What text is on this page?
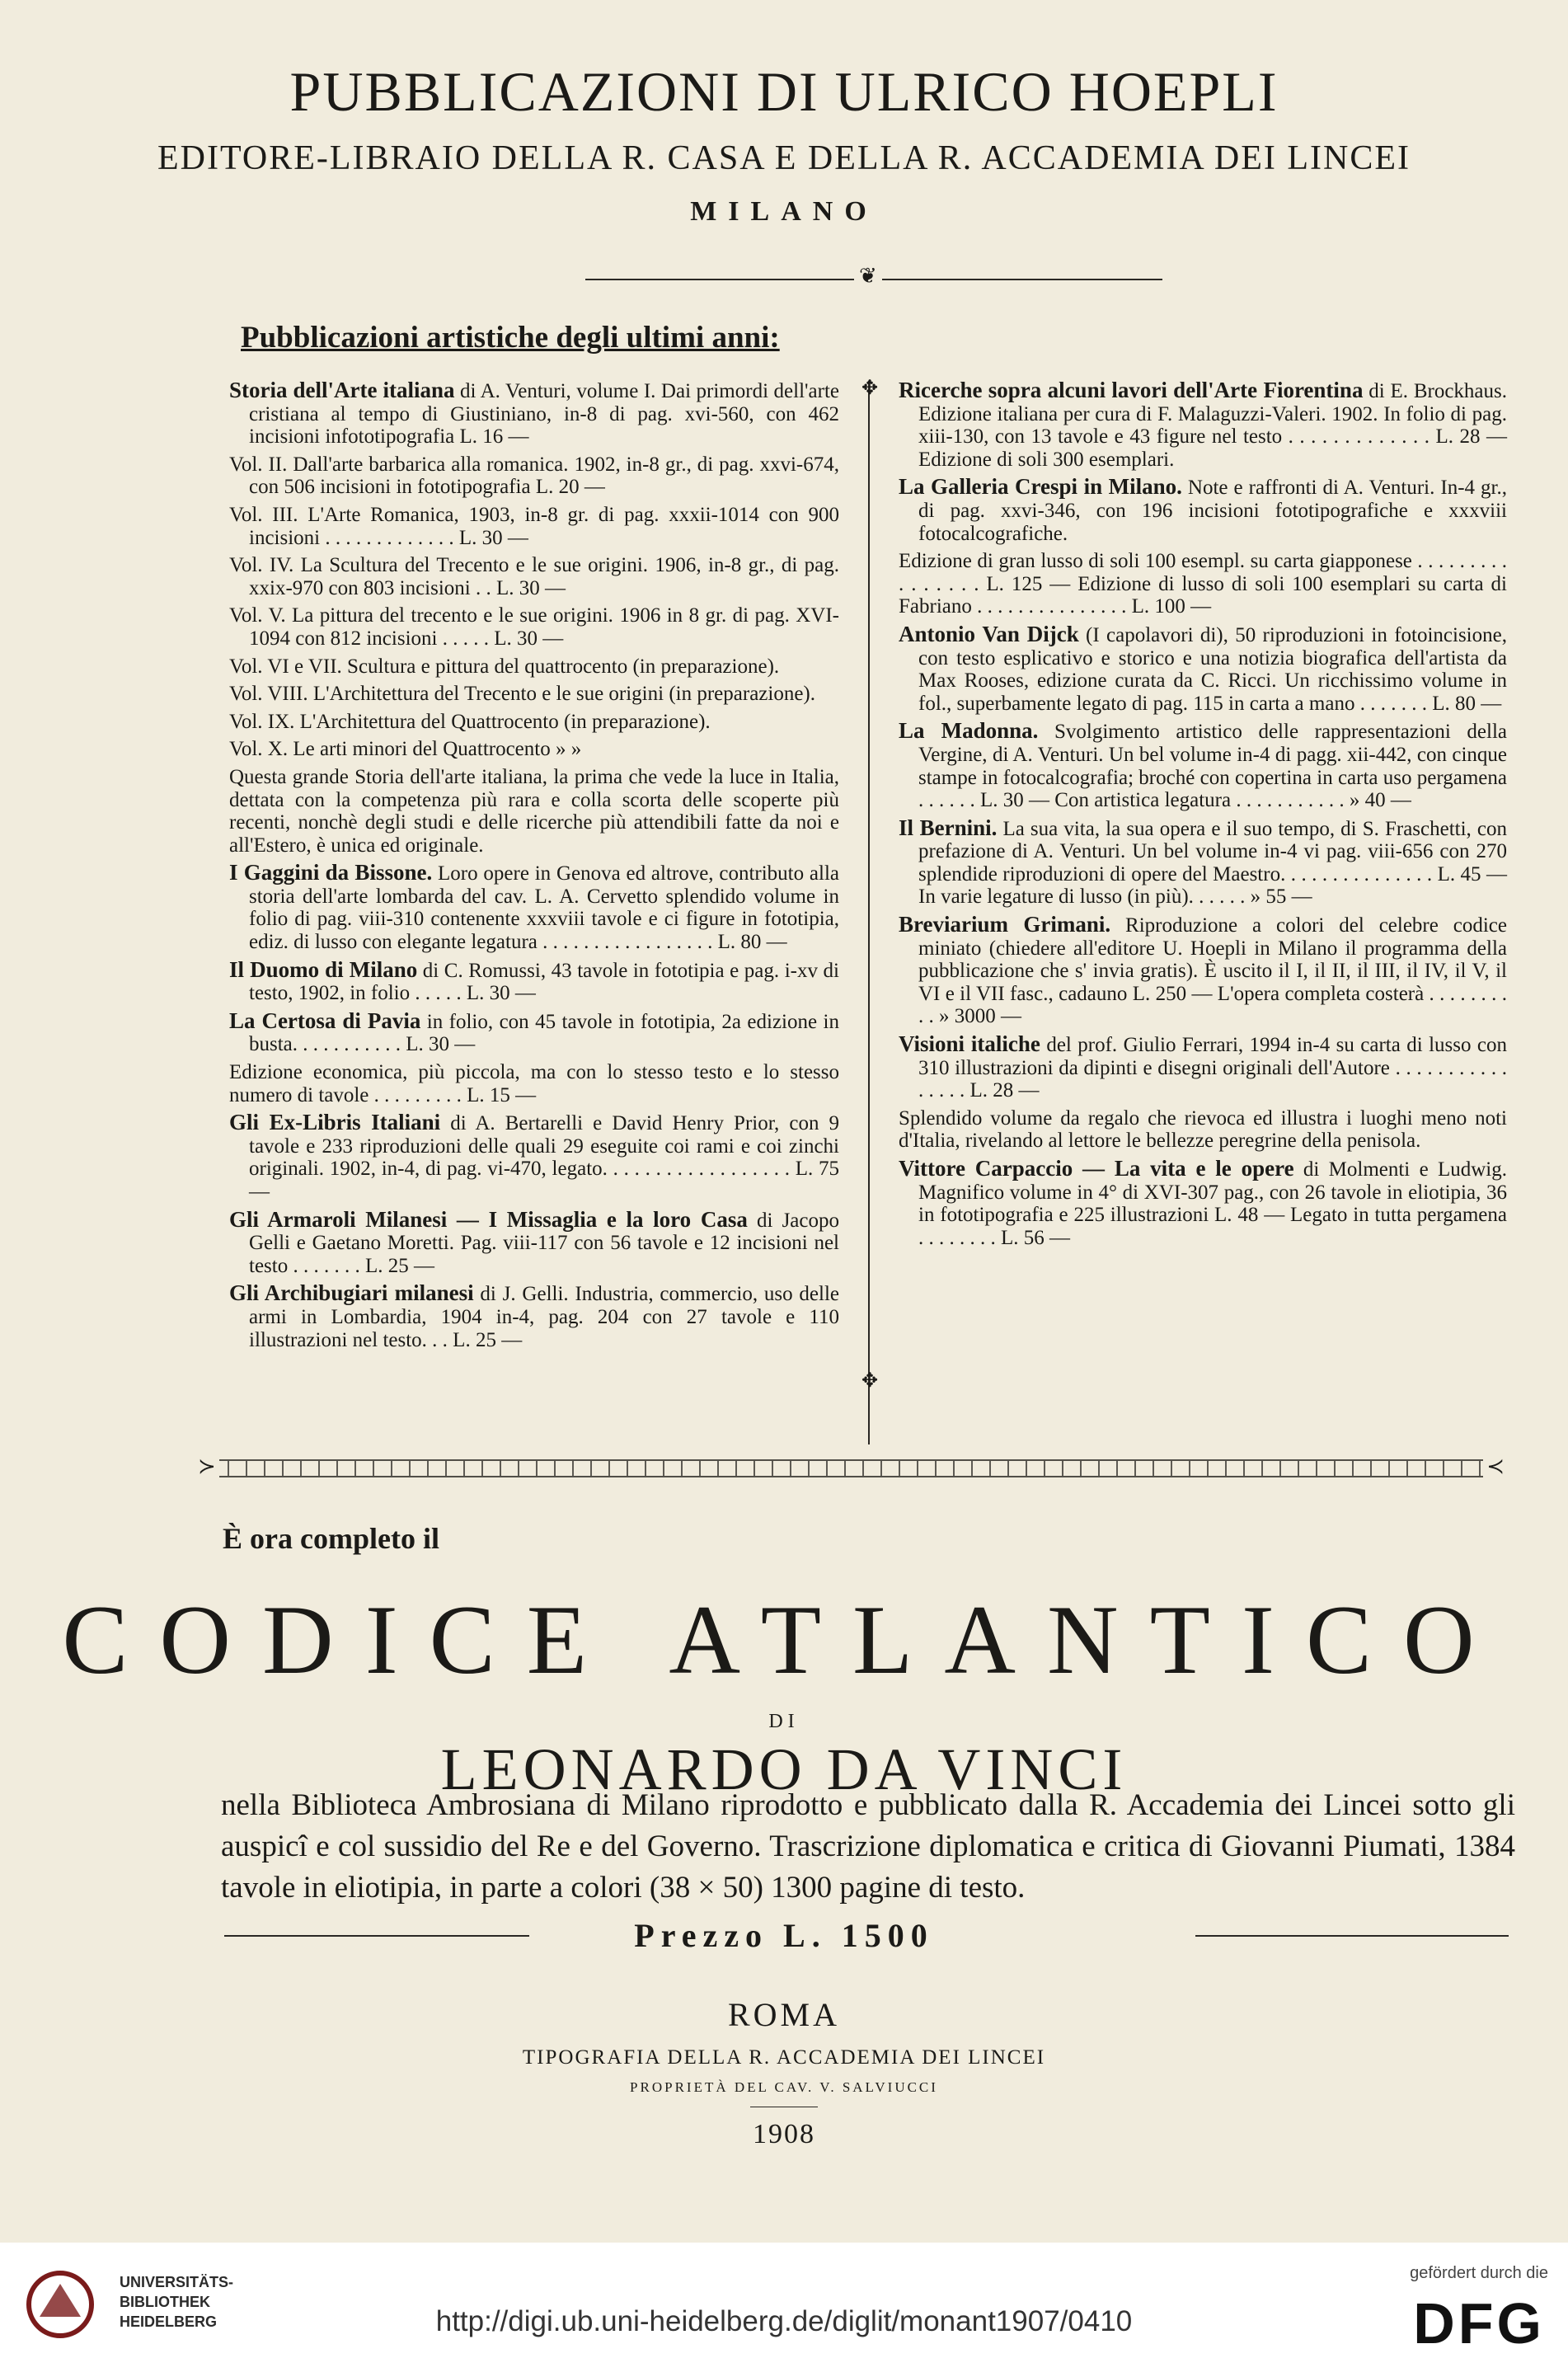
PUBBLICAZIONI DI ULRICO HOEPLI
EDITORE-LIBRAIO DELLA R. CASA E DELLA R. ACCADEMIA DEI LINCEI
MILANO
❦
Pubblicazioni artistiche degli ultimi anni:
Storia dell'Arte italiana di A. Venturi, volume I. Dai primordi dell'arte cristiana al tempo di Giustiniano, in-8 di pag. xvi-560, con 462 incisioni infototipografia L. 16 —
Vol. II. Dall'arte barbarica alla romanica. 1902, in-8 gr., di pag. xxvi-674, con 506 incisioni in fototipografia L. 20 —
Vol. III. L'Arte Romanica, 1903, in-8 gr. di pag. xxxii-1014 con 900 incisioni . . . . . . . . . . . . . L. 30 —
Vol. IV. La Scultura del Trecento e le sue origini. 1906, in-8 gr., di pag. xxix-970 con 803 incisioni . . L. 30 —
Vol. V. La pittura del trecento e le sue origini. 1906 in 8 gr. di pag. XVI-1094 con 812 incisioni . . . . . L. 30 —
Vol. VI e VII. Scultura e pittura del quattrocento (in preparazione).
Vol. VIII. L'Architettura del Trecento e le sue origini (in preparazione).
Vol. IX. L'Architettura del Quattrocento (in preparazione).
Vol. X. Le arti minori del Quattrocento » »
Questa grande Storia dell'arte italiana, la prima che vede la luce in Italia, dettata con la competenza più rara e colla scorta delle scoperte più recenti, nonchè degli studi e delle ricerche più attendibili fatte da noi e all'Estero, è unica ed originale.
I Gaggini da Bissone. Loro opere in Genova ed altrove, contributo alla storia dell'arte lombarda del cav. L. A. Cervetto splendido volume in folio di pag. viii-310 contenente xxxviii tavole e ci figure in fototipia, ediz. di lusso con elegante legatura . . . . . . . . . . . . . . . . . L. 80 —
Il Duomo di Milano di C. Romussi, 43 tavole in fototipia e pag. i-xv di testo, 1902, in folio . . . . . L. 30 —
La Certosa di Pavia in folio, con 45 tavole in fototipia, 2a edizione in busta. . . . . . . . . . . L. 30 —
Edizione economica, più piccola, ma con lo stesso testo e lo stesso numero di tavole . . . . . . . . . L. 15 —
Gli Ex-Libris Italiani di A. Bertarelli e David Henry Prior, con 9 tavole e 233 riproduzioni delle quali 29 eseguite coi rami e coi zinchi originali. 1902, in-4, di pag. vi-470, legato. . . . . . . . . . . . . . . . . . L. 75 —
Gli Armaroli Milanesi — I Missaglia e la loro Casa di Jacopo Gelli e Gaetano Moretti. Pag. viii-117 con 56 tavole e 12 incisioni nel testo . . . . . . . L. 25 —
Gli Archibugiari milanesi di J. Gelli. Industria, commercio, uso delle armi in Lombardia, 1904 in-4, pag. 204 con 27 tavole e 110 illustrazioni nel testo. . . L. 25 —
✥
✥
Ricerche sopra alcuni lavori dell'Arte Fiorentina di E. Brockhaus. Edizione italiana per cura di F. Malaguzzi-Valeri. 1902. In folio di pag. xiii-130, con 13 tavole e 43 figure nel testo . . . . . . . . . . . . . L. 28 — Edizione di soli 300 esemplari.
La Galleria Crespi in Milano. Note e raffronti di A. Venturi. In-4 gr., di pag. xxvi-346, con 196 incisioni fototipografiche e xxxviii fotocalcografiche.
Edizione di gran lusso di soli 100 esempl. su carta giapponese . . . . . . . . . . . . . . . . L. 125 — Edizione di lusso di soli 100 esemplari su carta di Fabriano . . . . . . . . . . . . . . . L. 100 —
Antonio Van Dijck (I capolavori di), 50 riproduzioni in fotoincisione, con testo esplicativo e storico e una notizia biografica dell'artista da Max Rooses, edizione curata da C. Ricci. Un ricchissimo volume in fol., superbamente legato di pag. 115 in carta a mano . . . . . . . L. 80 —
La Madonna. Svolgimento artistico delle rappresentazioni della Vergine, di A. Venturi. Un bel volume in-4 di pagg. xii-442, con cinque stampe in fotocalcografia; broché con copertina in carta uso pergamena . . . . . . L. 30 — Con artistica legatura . . . . . . . . . . . » 40 —
Il Bernini. La sua vita, la sua opera e il suo tempo, di S. Fraschetti, con prefazione di A. Venturi. Un bel volume in-4 vi pag. viii-656 con 270 splendide riproduzioni di opere del Maestro. . . . . . . . . . . . . . . L. 45 — In varie legature di lusso (in più). . . . . . » 55 —
Breviarium Grimani. Riproduzione a colori del celebre codice miniato (chiedere all'editore U. Hoepli in Milano il programma della pubblicazione che s' invia gratis). È uscito il I, il II, il III, il IV, il V, il VI e il VII fasc., cadauno L. 250 — L'opera completa costerà . . . . . . . . . . » 3000 —
Visioni italiche del prof. Giulio Ferrari, 1994 in-4 su carta di lusso con 310 illustrazioni da dipinti e disegni originali dell'Autore . . . . . . . . . . . . . . . . L. 28 —
Splendido volume da regalo che rievoca ed illustra i luoghi meno noti d'Italia, rivelando al lettore le bellezze peregrine della penisola.
Vittore Carpaccio — La vita e le opere di Molmenti e Ludwig. Magnifico volume in 4° di XVI-307 pag., con 26 tavole in eliotipia, 36 in fototipografia e 225 illustrazioni L. 48 — Legato in tutta pergamena . . . . . . . . L. 56 —
≻	≺
È ora completo il
CODICE ATLANTICO
DI
LEONARDO DA VINCI
nella Biblioteca Ambrosiana di Milano riprodotto e pubblicato dalla R. Accademia dei Lincei sotto gli auspicî e col sussidio del Re e del Governo. Trascrizione diplomatica e critica di Giovanni Piumati, 1384 tavole in eliotipia, in parte a colori (38 × 50) 1300 pagine di testo.
Prezzo L. 1500
ROMA
TIPOGRAFIA DELLA R. ACCADEMIA DEI LINCEI
PROPRIETÀ DEL CAV. V. SALVIUCCI
1908
UNIVERSITÄTS-
BIBLIOTHEK
HEIDELBERG	http://digi.ub.uni-heidelberg.de/diglit/monant1907/0410
gefördert durch die
DFG
